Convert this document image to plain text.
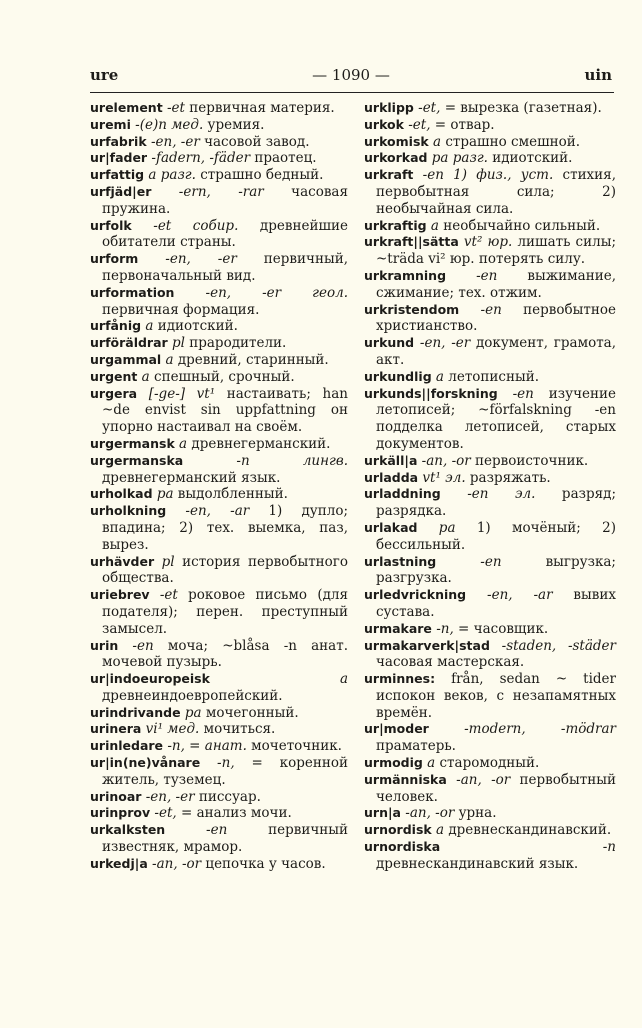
ure	— 1090 —	uin

urelement -et первичная материя.

uremi -(e)n мед. уремия.

urfabrik -en, -er часовой завод.

ur|fader -fadern, -fäder праотец.

urfattig a разг. страшно бедный.

urfjäd|er -ern, -rar часовая пружина.

urfolk -et собир. древнейшие обитатели страны.

urform -en, -er первичный, первоначальный вид.

urformation -en, -er геол. первичная формация.

urfånig a идиотский.

urföräldrar pl прародители.

urgammal a древний, старинный.

urgent a спешный, срочный.

urgera [-ge-] vt¹ настаивать; han ~de envist sin uppfattning он упорно настаивал на своём.

urgermansk a древнегерманский.

urgermanska -n лингв. древнегерманский язык.

urholkad pa выдолбленный.

urholkning -en, -ar 1) дупло; впадина; 2) тех. выемка, паз, вырез.

urhävder pl история первобытного общества.

uriebrev -et роковое письмо (для подателя); перен. преступный замысел.

urin -en моча; ~blåsa -n анат. мочевой пузырь.

ur|indoeuropeisk a древнеиндоевропейский.

urindrivande pa мочегонный.

urinera vi¹ мед. мочиться.

urinledare -n, = анат. мочеточник.

ur|in(ne)vånare -n, = коренной житель, туземец.

urinoar -en, -er писсуар.

urinprov -et, = анализ мочи.

urkalksten -en первичный известняк, мрамор.

urkedj|a -an, -or цепочка у часов.

urklipp -et, = вырезка (газетная).

urkok -et, = отвар.

urkomisk a страшно смешной.

urkorkad pa разг. идиотский.

urkraft -en 1) физ., уст. стихия, первобытная сила; 2) необычайная сила.

urkraftig a необычайно сильный.

urkraft||sätta vt² юр. лишать силы; ~träda vi² юр. потерять силу.

urkramning -en выжимание, сжимание; тех. отжим.

urkristendom -en первобытное христианство.

urkund -en, -er документ, грамота, акт.

urkundlig a летописный.

urkunds||forskning -en изучение летописей; ~förfalskning -en подделка летописей, старых документов.

urkäll|a -an, -or первоисточник.

urladda vt¹ эл. разряжать.

urladdning -en эл. разряд; разрядка.

urlakad pa 1) мочёный; 2) бессильный.

urlastning -en выгрузка; разгрузка.

urledvrickning -en, -ar вывих сустава.

urmakare -n, = часовщик.

urmakarverk|stad -staden, -städer часовая мастерская.

urminnes: från, sedan ~ tider испокон веков, с незапамятных времён.

ur|moder -modern, -mödrar праматерь.

urmodig a старомодный.

urmänniskа -an, -or первобытный человек.

urn|a -an, -or урна.

urnordisk a древнескандинавский.

urnordiska -n древнескандинавский язык.
